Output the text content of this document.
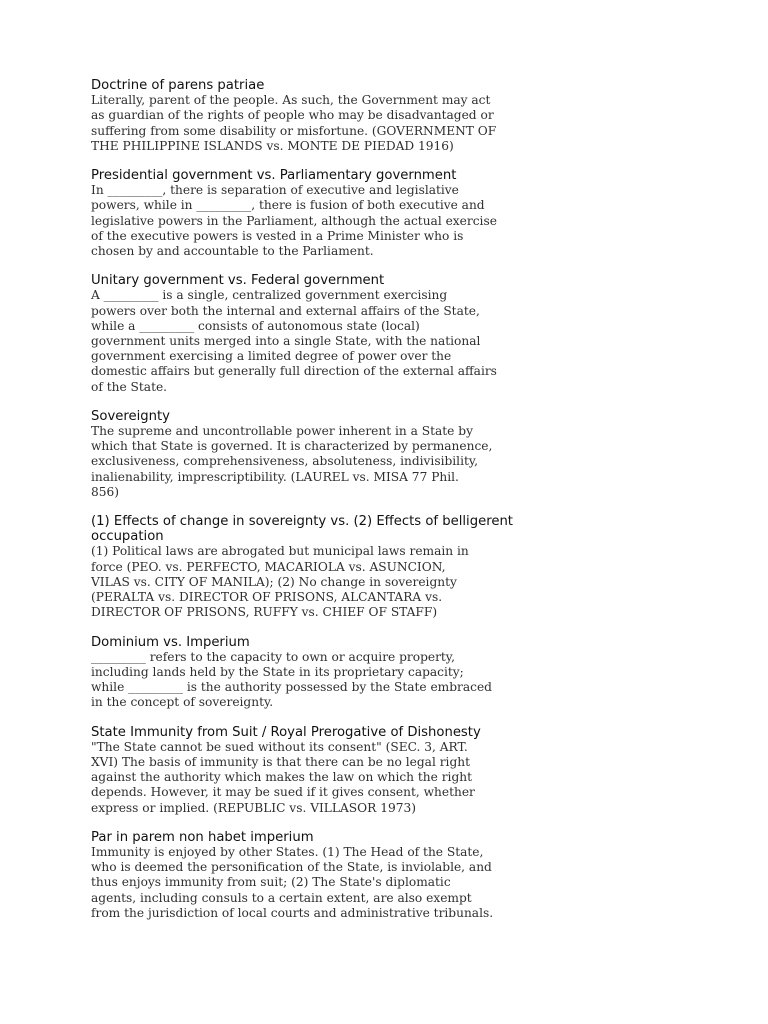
Doctrine of parens patriae

Literally, parent of the people. As such, the Government may act
as guardian of the rights of people who may be disadvantaged or
suffering from some disability or misfortune. (GOVERNMENT OF
THE PHILIPPINE ISLANDS vs. MONTE DE PIEDAD 1916)

Presidential government vs. Parliamentary government

In _________, there is separation of executive and legislative
powers, while in _________, there is fusion of both executive and
legislative powers in the Parliament, although the actual exercise
of the executive powers is vested in a Prime Minister who is
chosen by and accountable to the Parliament.

Unitary government vs. Federal government

A _________ is a single, centralized government exercising
powers over both the internal and external affairs of the State,
while a _________ consists of autonomous state (local)
government units merged into a single State, with the national
government exercising a limited degree of power over the
domestic affairs but generally full direction of the external affairs
of the State.

Sovereignty

The supreme and uncontrollable power inherent in a State by
which that State is governed. It is characterized by permanence,
exclusiveness, comprehensiveness, absoluteness, indivisibility,
inalienability, imprescriptibility. (LAUREL vs. MISA 77 Phil.
856)

(1) Effects of change in sovereignty vs. (2) Effects of belligerent
occupation

(1) Political laws are abrogated but municipal laws remain in
force (PEO. vs. PERFECTO, MACARIOLA vs. ASUNCION,
VILAS vs. CITY OF MANILA); (2) No change in sovereignty
(PERALTA vs. DIRECTOR OF PRISONS, ALCANTARA vs.
DIRECTOR OF PRISONS, RUFFY vs. CHIEF OF STAFF)

Dominium vs. Imperium

_________ refers to the capacity to own or acquire property,
including lands held by the State in its proprietary capacity;
while _________ is the authority possessed by the State embraced
in the concept of sovereignty.

State Immunity from Suit / Royal Prerogative of Dishonesty

"The State cannot be sued without its consent" (SEC. 3, ART.
XVI) The basis of immunity is that there can be no legal right
against the authority which makes the law on which the right
depends. However, it may be sued if it gives consent, whether
express or implied. (REPUBLIC vs. VILLASOR 1973)

Par in parem non habet imperium

Immunity is enjoyed by other States. (1) The Head of the State,
who is deemed the personification of the State, is inviolable, and
thus enjoys immunity from suit; (2) The State's diplomatic
agents, including consuls to a certain extent, are also exempt
from the jurisdiction of local courts and administrative tribunals.
